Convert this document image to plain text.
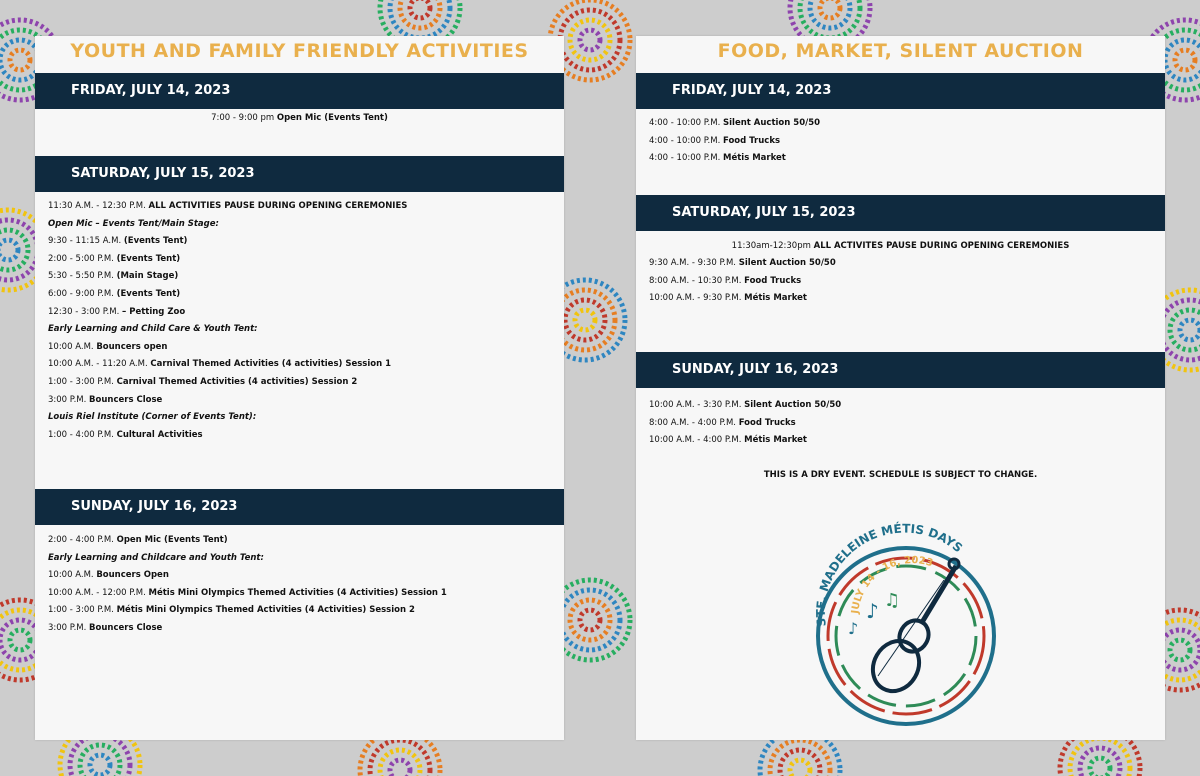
YOUTH AND FAMILY FRIENDLY ACTIVITIES
FRIDAY, JULY 14, 2023
7:00 - 9:00 pm Open Mic (Events Tent)
SATURDAY, JULY 15, 2023
11:30 A.M. - 12:30 P.M. ALL ACTIVITIES PAUSE DURING OPENING CEREMONIES
Open Mic – Events Tent/Main Stage:
9:30 - 11:15 A.M. (Events Tent)
2:00 - 5:00 P.M. (Events Tent)
5:30 - 5:50 P.M. (Main Stage)
6:00 - 9:00 P.M. (Events Tent)
12:30 - 3:00 P.M. – Petting Zoo
Early Learning and Child Care & Youth Tent:
10:00 A.M. Bouncers open
10:00 A.M. - 11:20 A.M. Carnival Themed Activities (4 activities) Session 1
1:00 - 3:00 P.M. Carnival Themed Activities (4 activities) Session 2
3:00 P.M. Bouncers Close
Louis Riel Institute (Corner of Events Tent):
1:00 - 4:00 P.M. Cultural Activities
SUNDAY, JULY 16, 2023
2:00 - 4:00 P.M. Open Mic (Events Tent)
Early Learning and Childcare and Youth Tent:
10:00 A.M. Bouncers Open
10:00 A.M. - 12:00 P.M. Métis Mini Olympics Themed Activities (4 Activities) Session 1
1:00 - 3:00 P.M. Métis Mini Olympics Themed Activities (4 Activities) Session 2
3:00 P.M. Bouncers Close
FOOD, MARKET, SILENT AUCTION
FRIDAY, JULY 14, 2023
4:00 - 10:00 P.M. Silent Auction 50/50
4:00 - 10:00 P.M. Food Trucks
4:00 - 10:00 P.M. Métis Market
SATURDAY, JULY 15, 2023
11:30am-12:30pm ALL ACTIVITES PAUSE DURING OPENING CEREMONIES
9:30 A.M. - 9:30 P.M. Silent Auction 50/50
8:00 A.M. - 10:30 P.M. Food Trucks
10:00 A.M. - 9:30 P.M. Métis Market
SUNDAY, JULY 16, 2023
10:00 A.M. - 3:30 P.M. Silent Auction 50/50
8:00 A.M. - 4:00 P.M. Food Trucks
10:00 A.M. - 4:00 P.M. Métis Market
THIS IS A DRY EVENT. SCHEDULE IS SUBJECT TO CHANGE.
STE. MADELEINE MÉTIS DAYS
JULY 14 - 16, 2023
♪ ♫
♪
